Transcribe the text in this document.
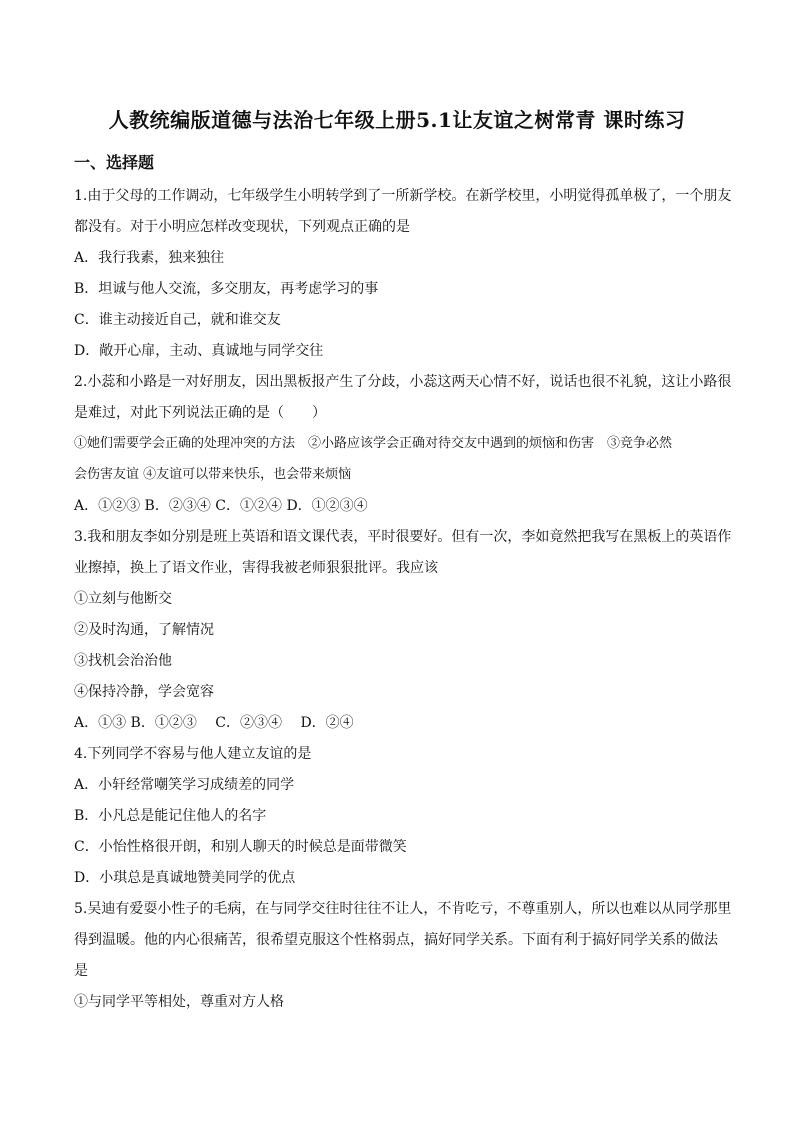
人教统编版道德与法治七年级上册5.1让友谊之树常青 课时练习
一、选择题
1.由于父母的工作调动，七年级学生小明转学到了一所新学校。在新学校里，小明觉得孤单极了，一个朋友
都没有。对于小明应怎样改变现状，下列观点正确的是
A．我行我素，独来独往
B．坦诚与他人交流，多交朋友，再考虑学习的事
C．谁主动接近自己，就和谁交友
D．敞开心扉，主动、真诚地与同学交往
2.小蕊和小路是一对好朋友，因出黑板报产生了分歧，小蕊这两天心情不好，说话也很不礼貌，这让小路很
是难过，对此下列说法正确的是（　　）
①她们需要学会正确的处理冲突的方法　②小路应该学会正确对待交友中遇到的烦恼和伤害　③竞争必然
会伤害友谊 ④友谊可以带来快乐，也会带来烦恼
A．①②③ B．②③④ C．①②④ D．①②③④
3.我和朋友李如分别是班上英语和语文课代表，平时很要好。但有一次，李如竟然把我写在黑板上的英语作
业擦掉，换上了语文作业，害得我被老师狠狠批评。我应该
①立刻与他断交
②及时沟通，了解情况
③找机会治治他
④保持冷静，学会宽容
A．①③ B．①②③　 C．②③④　 D．②④
4.下列同学不容易与他人建立友谊的是
A．小轩经常嘲笑学习成绩差的同学
B．小凡总是能记住他人的名字
C．小怡性格很开朗，和别人聊天的时候总是面带微笑
D．小琪总是真诚地赞美同学的优点
5.吴迪有爱耍小性子的毛病，在与同学交往时往往不让人，不肯吃亏，不尊重别人，所以也难以从同学那里
得到温暖。他的内心很痛苦，很希望克服这个性格弱点，搞好同学关系。下面有利于搞好同学关系的做法
是
①与同学平等相处，尊重对方人格
